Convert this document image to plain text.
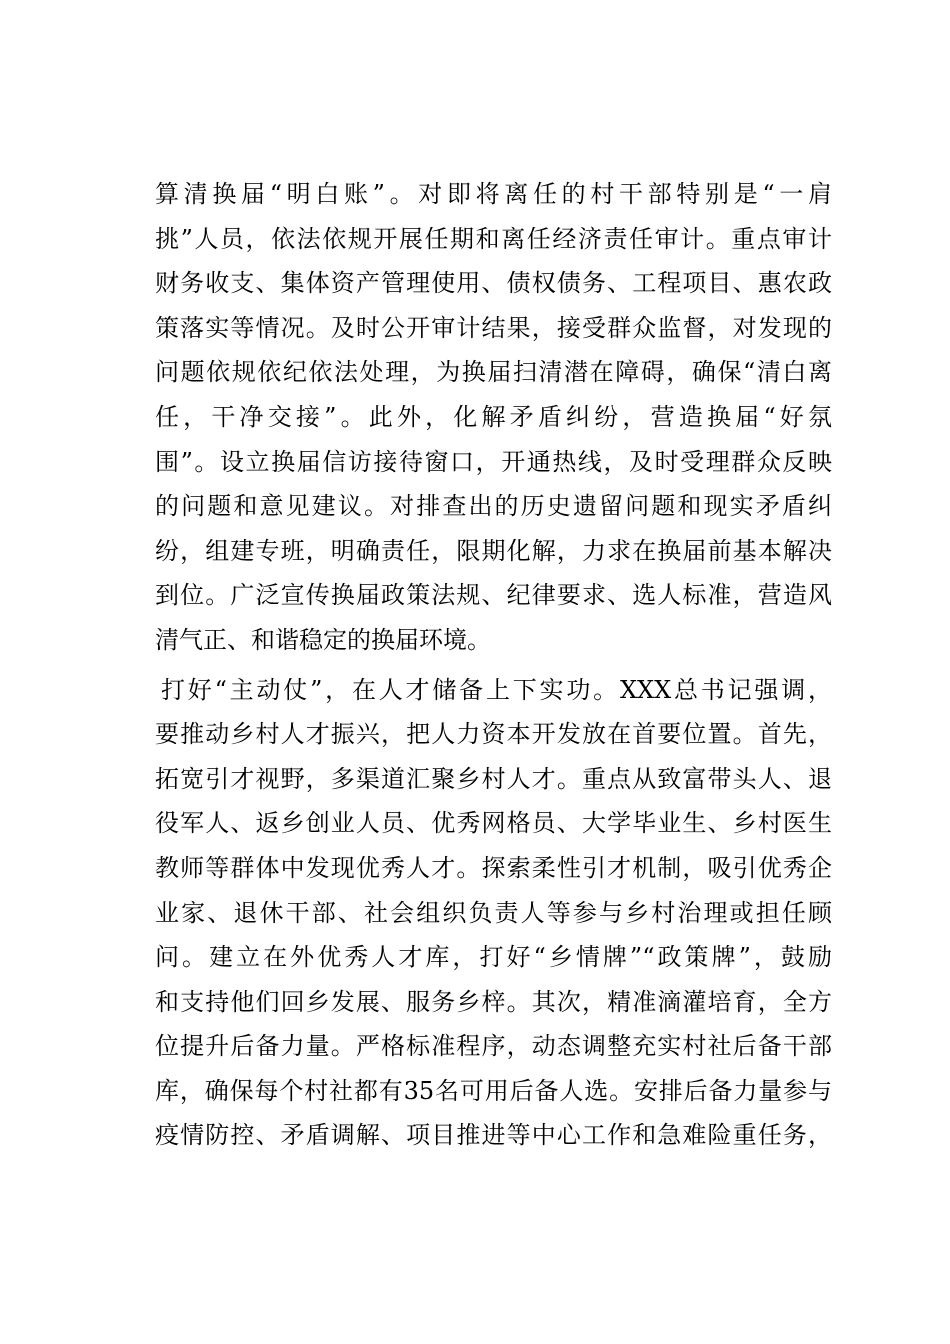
算清换届“明白账”。对即将离任的村干部特别是“一肩
挑”人员，依法依规开展任期和离任经济责任审计。重点审计
财务收支、集体资产管理使用、债权债务、工程项目、惠农政
策落实等情况。及时公开审计结果，接受群众监督，对发现的
问题依规依纪依法处理，为换届扫清潜在障碍，确保“清白离
任，干净交接”。此外，化解矛盾纠纷，营造换届“好氛
围”。设立换届信访接待窗口，开通热线，及时受理群众反映
的问题和意见建议。对排查出的历史遗留问题和现实矛盾纠
纷，组建专班，明确责任，限期化解，力求在换届前基本解决
到位。广泛宣传换届政策法规、纪律要求、选人标准，营造风
清气正、和谐稳定的换届环境。
打好“主动仗”，在人才储备上下实功。XXX总书记强调，
要推动乡村人才振兴，把人力资本开发放在首要位置。首先，
拓宽引才视野，多渠道汇聚乡村人才。重点从致富带头人、退
役军人、返乡创业人员、优秀网格员、大学毕业生、乡村医生
教师等群体中发现优秀人才。探索柔性引才机制，吸引优秀企
业家、退休干部、社会组织负责人等参与乡村治理或担任顾
问。建立在外优秀人才库，打好“乡情牌”“政策牌”，鼓励
和支持他们回乡发展、服务乡梓。其次，精准滴灌培育，全方
位提升后备力量。严格标准程序，动态调整充实村社后备干部
库，确保每个村社都有35名可用后备人选。安排后备力量参与
疫情防控、矛盾调解、项目推进等中心工作和急难险重任务，
